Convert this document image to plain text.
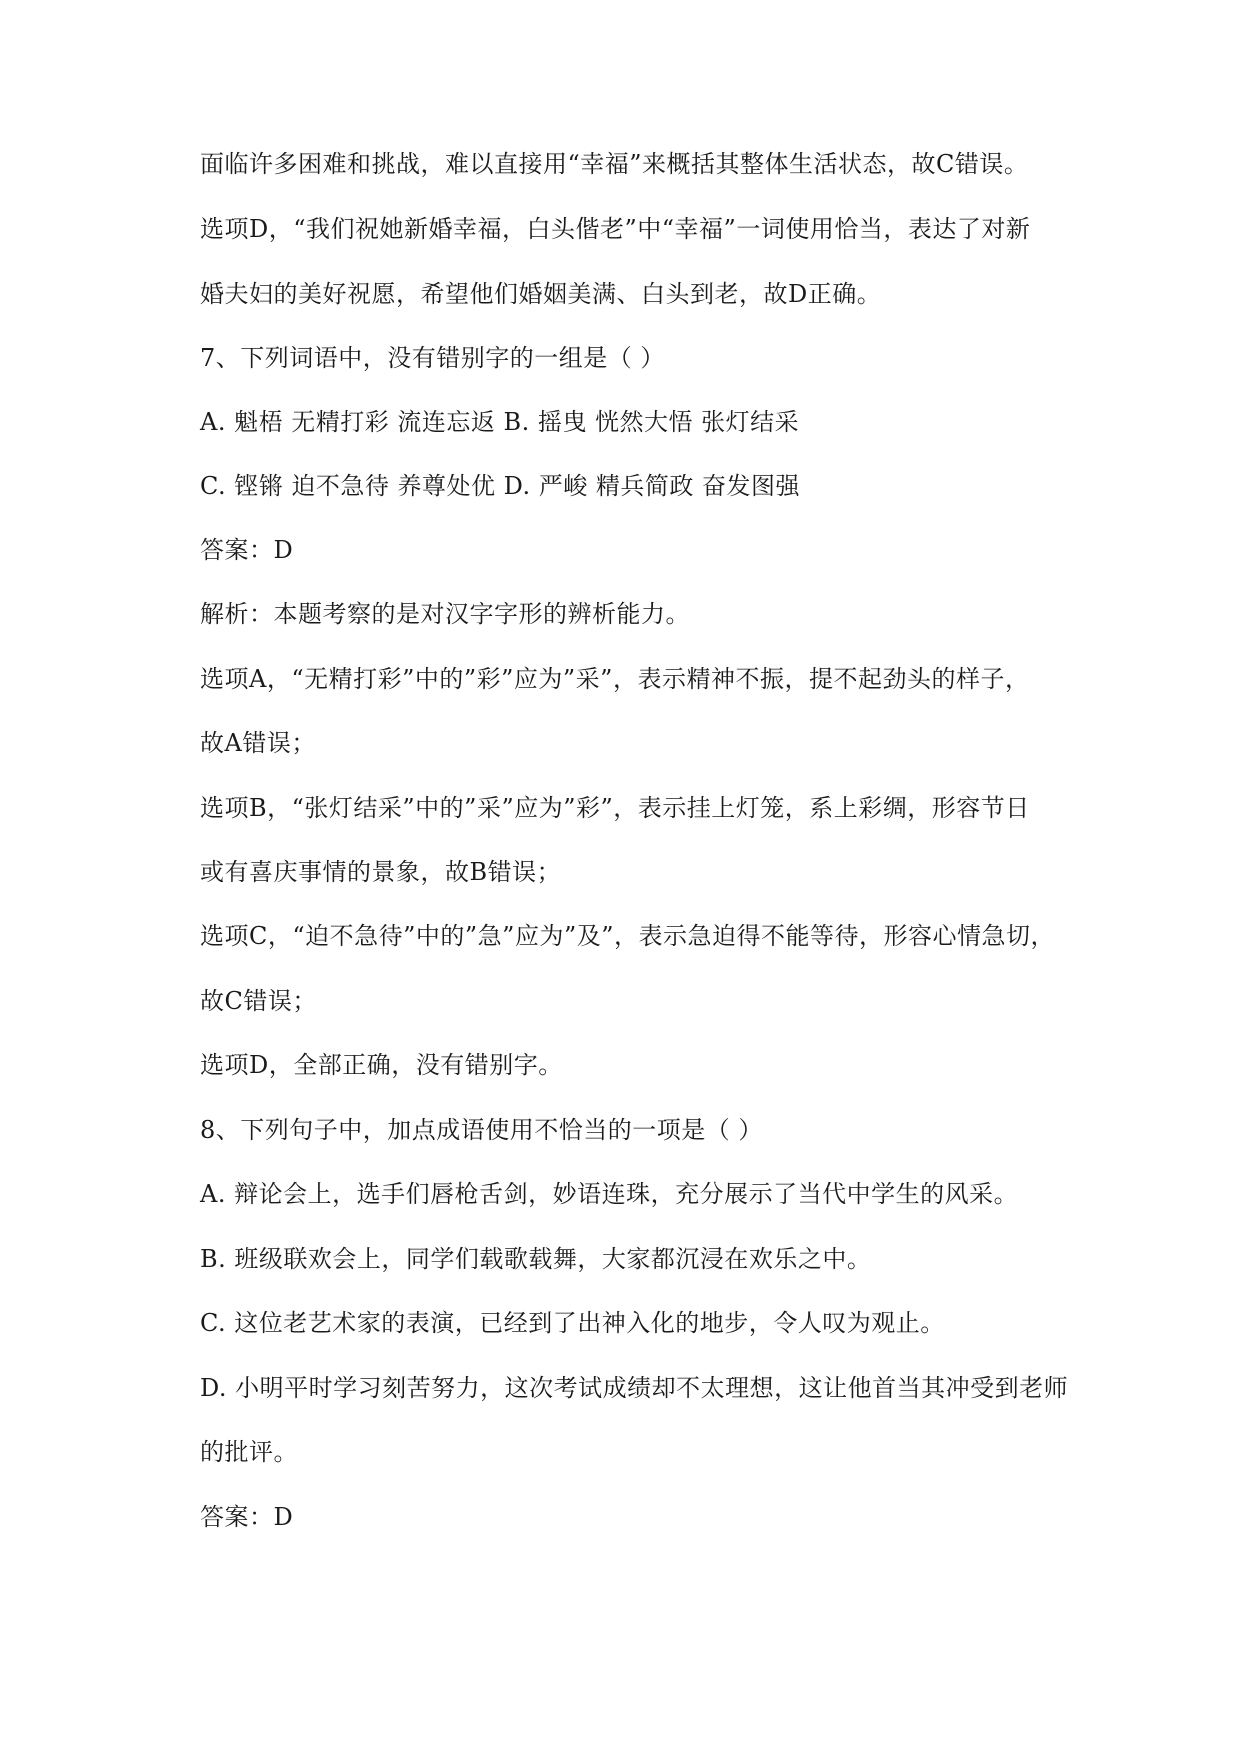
面临许多困难和挑战，难以直接用“幸福”来概括其整体生活状态，故C错误。

选项D，“我们祝她新婚幸福，白头偕老”中“幸福”一词使用恰当，表达了对新

婚夫妇的美好祝愿，希望他们婚姻美满、白头到老，故D正确。

7、下列词语中，没有错别字的一组是（ ）

A. 魁梧 无精打彩 流连忘返 B. 摇曳 恍然大悟 张灯结采

C. 铿锵 迫不急待 养尊处优 D. 严峻 精兵简政 奋发图强

答案：D

解析：本题考察的是对汉字字形的辨析能力。

选项A，“无精打彩”中的”彩”应为”采”，表示精神不振，提不起劲头的样子，

故A错误；

选项B，“张灯结采”中的”采”应为”彩”，表示挂上灯笼，系上彩绸，形容节日

或有喜庆事情的景象，故B错误；

选项C，“迫不急待”中的”急”应为”及”，表示急迫得不能等待，形容心情急切，

故C错误；

选项D，全部正确，没有错别字。

8、下列句子中，加点成语使用不恰当的一项是（ ）

A. 辩论会上，选手们唇枪舌剑，妙语连珠，充分展示了当代中学生的风采。

B. 班级联欢会上，同学们载歌载舞，大家都沉浸在欢乐之中。

C. 这位老艺术家的表演，已经到了出神入化的地步，令人叹为观止。

D. 小明平时学习刻苦努力，这次考试成绩却不太理想，这让他首当其冲受到老师

的批评。

答案：D
